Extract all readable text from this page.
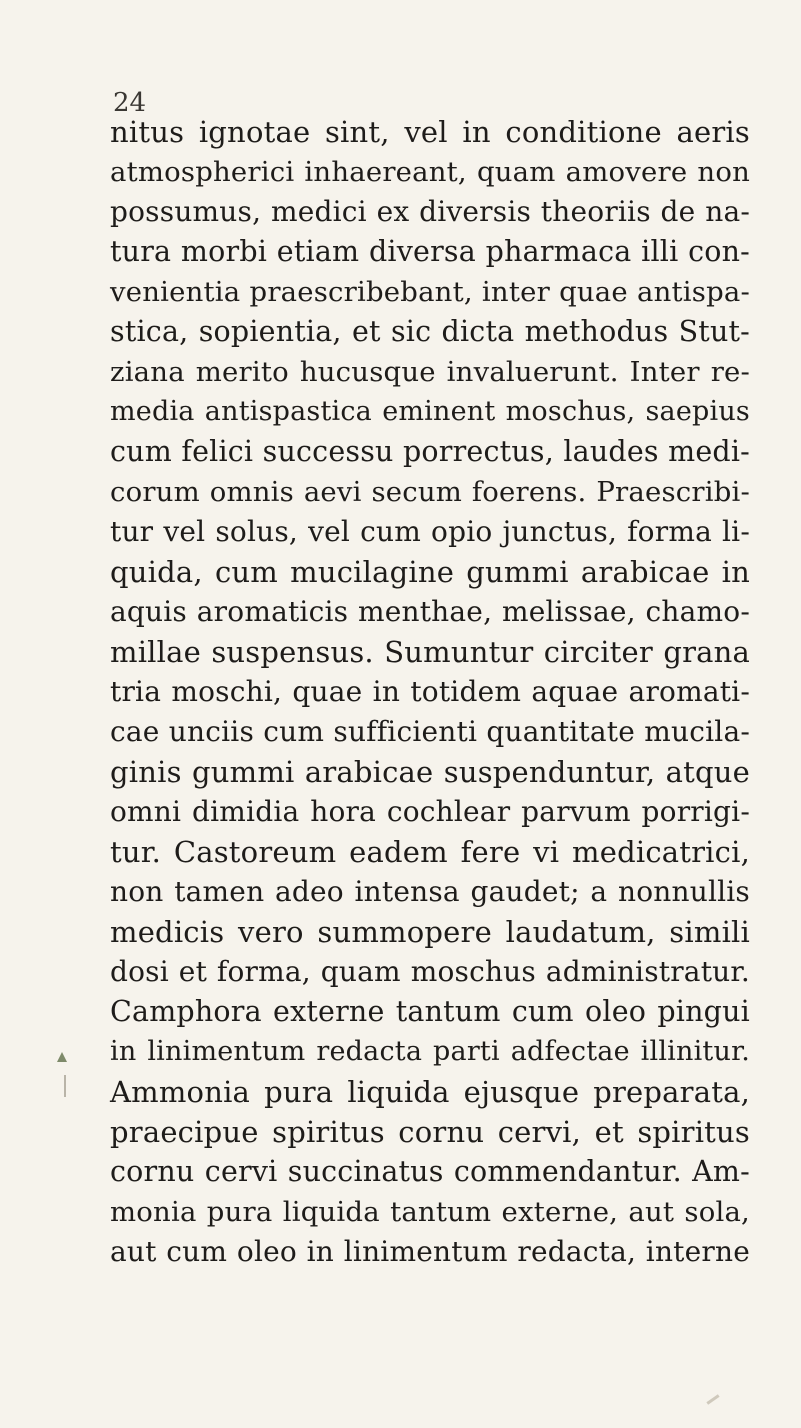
24
nitus ignotae sint, vel in conditione aeris
atmospherici inhaereant, quam amovere non
possumus, medici ex diversis theoriis de na-
tura morbi etiam diversa pharmaca illi con-
venientia praescribebant, inter quae antispa-
stica, sopientia, et sic dicta methodus Stut-
ziana merito hucusque invaluerunt. Inter re-
media antispastica eminent moschus, saepius
cum felici successu porrectus, laudes medi-
corum omnis aevi secum foerens. Praescribi-
tur vel solus, vel cum opio junctus, forma li-
quida, cum mucilagine gummi arabicae in
aquis aromaticis menthae, melissae, chamo-
millae suspensus. Sumuntur circiter grana
tria moschi, quae in totidem aquae aromati-
cae unciis cum sufficienti quantitate mucila-
ginis gummi arabicae suspenduntur, atque
omni dimidia hora cochlear parvum porrigi-
tur. Castoreum eadem fere vi medicatrici,
non tamen adeo intensa gaudet; a nonnullis
medicis vero summopere laudatum, simili
dosi et forma, quam moschus administratur.
Camphora externe tantum cum oleo pingui
in linimentum redacta parti adfectae illinitur.
Ammonia pura liquida ejusque preparata,
praecipue spiritus cornu cervi, et spiritus
cornu cervi succinatus commendantur. Am-
monia pura liquida tantum externe, aut sola,
aut cum oleo in linimentum redacta, interne
